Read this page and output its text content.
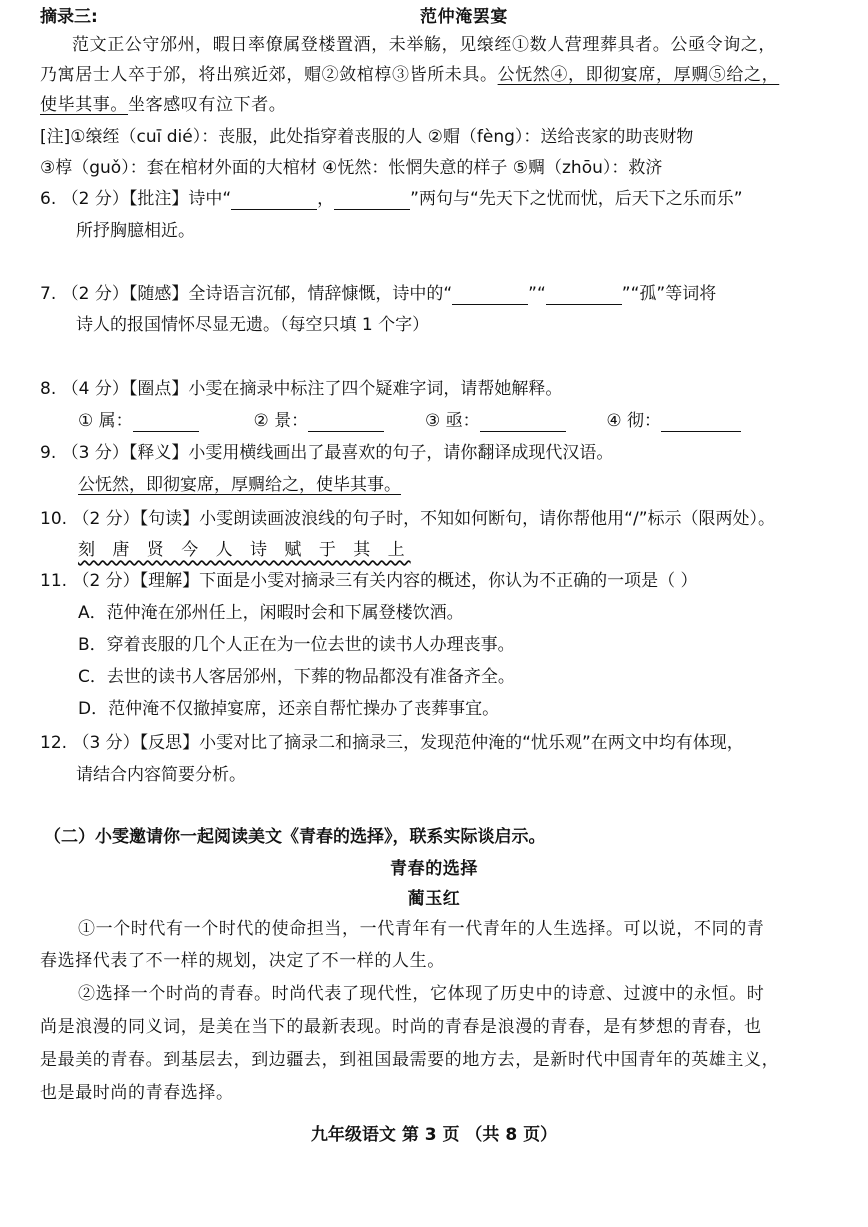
摘录三:	范仲淹罢宴
范文正公守邠州，暇日率僚属登楼置酒，未举觞，见缞绖①数人营理葬具者。公亟令询之，
乃寓居士人卒于邠，将出殡近郊，赗②敛棺椁③皆所未具。公怃然④，即彻宴席，厚赒⑤给之，
使毕其事。坐客感叹有泣下者。
[注]①缞绖（cuī dié）：丧服，此处指穿着丧服的人 ②赗（fèng）：送给丧家的助丧财物
③椁（guǒ）：套在棺材外面的大棺材 ④怃然：怅惘失意的样子 ⑤赒（zhōu）：救济
6. （2 分）【批注】诗中“	，	”两句与“先天下之忧而忧，后天下之乐而乐”
所抒胸臆相近。
7. （2 分）【随感】全诗语言沉郁，情辞慷慨，诗中的“	”“	”“孤”等词将
诗人的报国情怀尽显无遗。（每空只填 1 个字）
8. （4 分）【圈点】小雯在摘录中标注了四个疑难字词，请帮她解释。
① 属：	② 景：	③ 亟：	④ 彻：
9. （3 分）【释义】小雯用横线画出了最喜欢的句子，请你翻译成现代汉语。
公怃然，即彻宴席，厚赒给之，使毕其事。
10. （2 分）【句读】小雯朗读画波浪线的句子时，不知如何断句，请你帮他用“/”标示（限两处）。
刻 唐 贤 今 人 诗 赋 于 其 上
11. （2 分）【理解】下面是小雯对摘录三有关内容的概述，你认为不正确的一项是（ ）
A．范仲淹在邠州任上，闲暇时会和下属登楼饮酒。
B．穿着丧服的几个人正在为一位去世的读书人办理丧事。
C．去世的读书人客居邠州，下葬的物品都没有准备齐全。
D．范仲淹不仅撤掉宴席，还亲自帮忙操办了丧葬事宜。
12. （3 分）【反思】小雯对比了摘录二和摘录三，发现范仲淹的“忧乐观”在两文中均有体现，
请结合内容简要分析。
（二）小雯邀请你一起阅读美文《青春的选择》，联系实际谈启示。
青春的选择
蔺玉红
①一个时代有一个时代的使命担当，一代青年有一代青年的人生选择。可以说，不同的青
春选择代表了不一样的规划，决定了不一样的人生。
②选择一个时尚的青春。时尚代表了现代性，它体现了历史中的诗意、过渡中的永恒。时
尚是浪漫的同义词，是美在当下的最新表现。时尚的青春是浪漫的青春，是有梦想的青春，也
是最美的青春。到基层去，到边疆去，到祖国最需要的地方去，是新时代中国青年的英雄主义，
也是最时尚的青春选择。
九年级语文 第 3 页 （共 8 页）
